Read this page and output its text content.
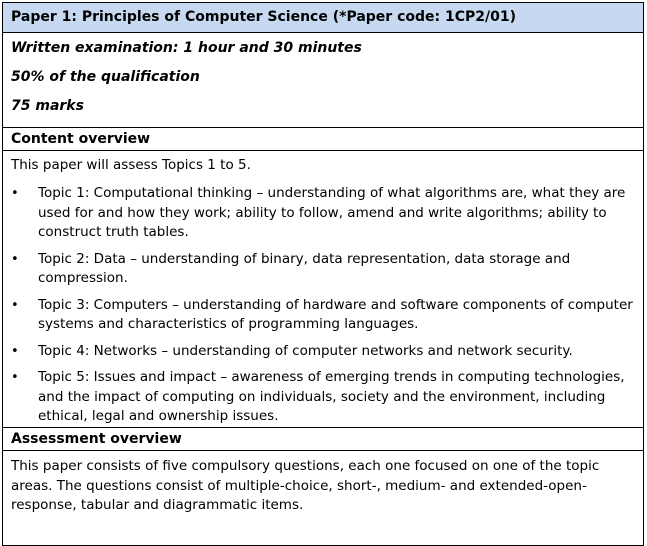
Paper 1: Principles of Computer Science (*Paper code: 1CP2/01)
Written examination: 1 hour and 30 minutes
50% of the qualification
75 marks
Content overview

This paper will assess Topics 1 to 5.

• Topic 1: Computational thinking – understanding of what algorithms are, what they are used for and how they work; ability to follow, amend and write algorithms; ability to construct truth tables.
• Topic 2: Data – understanding of binary, data representation, data storage and compression.
• Topic 3: Computers – understanding of hardware and software components of computer systems and characteristics of programming languages.
• Topic 4: Networks – understanding of computer networks and network security.
• Topic 5: Issues and impact – awareness of emerging trends in computing technologies, and the impact of computing on individuals, society and the environment, including ethical, legal and ownership issues.
Assessment overview
This paper consists of five compulsory questions, each one focused on one of the topic areas. The questions consist of multiple-choice, short-, medium- and extended-open-response, tabular and diagrammatic items.
